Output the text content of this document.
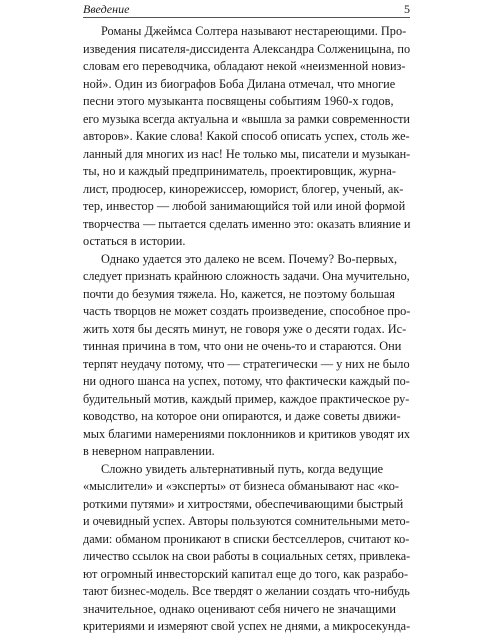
Введение	5
Романы Джеймса Солтера называют нестареющими. Про-
изведения писателя-диссидента Александра Солженицына, по
словам его переводчика, обладают некой «неизменной новиз-
ной». Один из биографов Боба Дилана отмечал, что многие
песни этого музыканта посвящены событиям 1960-х годов,
его музыка всегда актуальна и «вышла за рамки современности
авторов». Какие слова! Какой способ описать успех, столь же-
ланный для многих из нас! Не только мы, писатели и музыкан-
ты, но и каждый предприниматель, проектировщик, журна-
лист, продюсер, кинорежиссер, юморист, блогер, ученый, ак-
тер, инвестор — любой занимающийся той или иной формой
творчества — пытается сделать именно это: оказать влияние и
остаться в истории.
Однако удается это далеко не всем. Почему? Во-первых,
следует признать крайнюю сложность задачи. Она мучительно,
почти до безумия тяжела. Но, кажется, не поэтому большая
часть творцов не может создать произведение, способное про-
жить хотя бы десять минут, не говоря уже о десяти годах. Ис-
тинная причина в том, что они не очень-то и стараются. Они
терпят неудачу потому, что — стратегически — у них не было
ни одного шанса на успех, потому, что фактически каждый по-
будительный мотив, каждый пример, каждое практическое ру-
ководство, на которое они опираются, и даже советы движи-
мых благими намерениями поклонников и критиков уводят их
в неверном направлении.
Сложно увидеть альтернативный путь, когда ведущие
«мыслители» и «эксперты» от бизнеса обманывают нас «ко-
роткими путями» и хитростями, обеспечивающими быстрый
и очевидный успех. Авторы пользуются сомнительными мето-
дами: обманом проникают в списки бестселлеров, считают ко-
личество ссылок на свои работы в социальных сетях, привлека-
ют огромный инвесторский капитал еще до того, как разрабо-
тают бизнес-модель. Все твердят о желании создать что-нибудь
значительное, однако оценивают себя ничего не значащими
критериями и измеряют свой успех не днями, а микросекунда-
